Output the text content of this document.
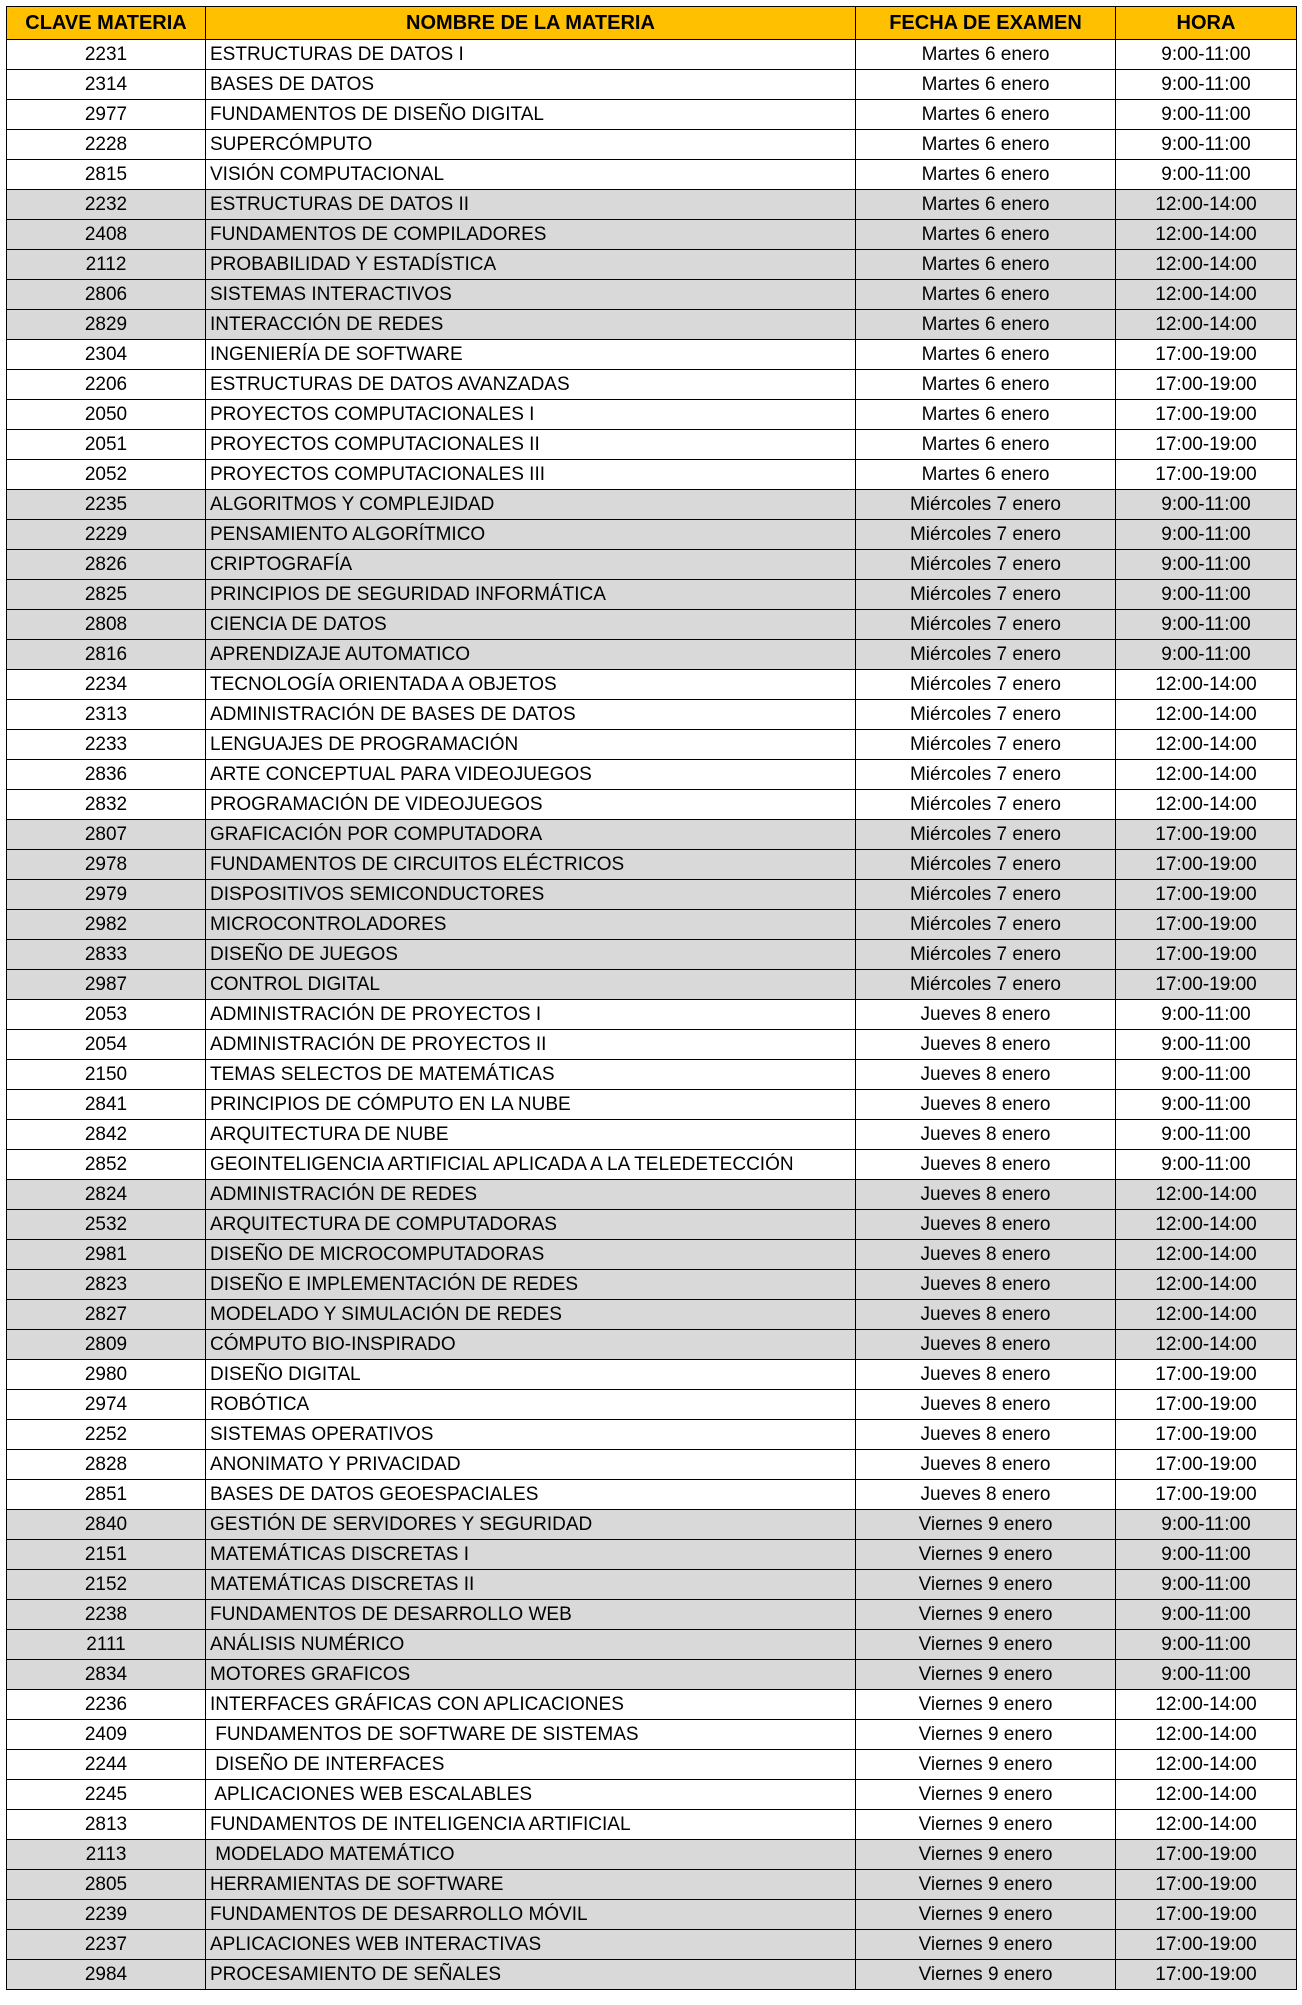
CLAVE MATERIA	NOMBRE DE LA MATERIA	FECHA DE EXAMEN	HORA
2231	ESTRUCTURAS DE DATOS I	Martes 6 enero	9:00-11:00
2314	BASES DE DATOS	Martes 6 enero	9:00-11:00
2977	FUNDAMENTOS DE DISEÑO DIGITAL	Martes 6 enero	9:00-11:00
2228	SUPERCÓMPUTO	Martes 6 enero	9:00-11:00
2815	VISIÓN COMPUTACIONAL	Martes 6 enero	9:00-11:00
2232	ESTRUCTURAS DE DATOS II	Martes 6 enero	12:00-14:00
2408	FUNDAMENTOS DE COMPILADORES	Martes 6 enero	12:00-14:00
2112	PROBABILIDAD Y ESTADÍSTICA	Martes 6 enero	12:00-14:00
2806	SISTEMAS INTERACTIVOS	Martes 6 enero	12:00-14:00
2829	INTERACCIÓN DE REDES	Martes 6 enero	12:00-14:00
2304	INGENIERÍA DE SOFTWARE	Martes 6 enero	17:00-19:00
2206	ESTRUCTURAS DE DATOS AVANZADAS	Martes 6 enero	17:00-19:00
2050	PROYECTOS COMPUTACIONALES I	Martes 6 enero	17:00-19:00
2051	PROYECTOS COMPUTACIONALES II	Martes 6 enero	17:00-19:00
2052	PROYECTOS COMPUTACIONALES III	Martes 6 enero	17:00-19:00
2235	ALGORITMOS Y COMPLEJIDAD	Miércoles 7 enero	9:00-11:00
2229	PENSAMIENTO ALGORÍTMICO	Miércoles 7 enero	9:00-11:00
2826	CRIPTOGRAFÍA	Miércoles 7 enero	9:00-11:00
2825	PRINCIPIOS DE SEGURIDAD INFORMÁTICA	Miércoles 7 enero	9:00-11:00
2808	CIENCIA DE DATOS	Miércoles 7 enero	9:00-11:00
2816	APRENDIZAJE AUTOMATICO	Miércoles 7 enero	9:00-11:00
2234	TECNOLOGÍA ORIENTADA A OBJETOS	Miércoles 7 enero	12:00-14:00
2313	ADMINISTRACIÓN DE BASES DE DATOS	Miércoles 7 enero	12:00-14:00
2233	LENGUAJES DE PROGRAMACIÓN	Miércoles 7 enero	12:00-14:00
2836	ARTE CONCEPTUAL PARA VIDEOJUEGOS	Miércoles 7 enero	12:00-14:00
2832	PROGRAMACIÓN DE VIDEOJUEGOS	Miércoles 7 enero	12:00-14:00
2807	GRAFICACIÓN POR COMPUTADORA	Miércoles 7 enero	17:00-19:00
2978	FUNDAMENTOS DE CIRCUITOS ELÉCTRICOS	Miércoles 7 enero	17:00-19:00
2979	DISPOSITIVOS SEMICONDUCTORES	Miércoles 7 enero	17:00-19:00
2982	MICROCONTROLADORES	Miércoles 7 enero	17:00-19:00
2833	DISEÑO DE JUEGOS	Miércoles 7 enero	17:00-19:00
2987	CONTROL DIGITAL	Miércoles 7 enero	17:00-19:00
2053	ADMINISTRACIÓN DE PROYECTOS I	Jueves 8 enero	9:00-11:00
2054	ADMINISTRACIÓN DE PROYECTOS II	Jueves 8 enero	9:00-11:00
2150	TEMAS SELECTOS DE MATEMÁTICAS	Jueves 8 enero	9:00-11:00
2841	PRINCIPIOS DE CÓMPUTO EN LA NUBE	Jueves 8 enero	9:00-11:00
2842	ARQUITECTURA DE NUBE	Jueves 8 enero	9:00-11:00
2852	GEOINTELIGENCIA ARTIFICIAL APLICADA A LA TELEDETECCIÓN	Jueves 8 enero	9:00-11:00
2824	ADMINISTRACIÓN DE REDES	Jueves 8 enero	12:00-14:00
2532	ARQUITECTURA DE COMPUTADORAS	Jueves 8 enero	12:00-14:00
2981	DISEÑO DE MICROCOMPUTADORAS	Jueves 8 enero	12:00-14:00
2823	DISEÑO E IMPLEMENTACIÓN DE REDES	Jueves 8 enero	12:00-14:00
2827	MODELADO Y SIMULACIÓN DE REDES	Jueves 8 enero	12:00-14:00
2809	CÓMPUTO BIO-INSPIRADO	Jueves 8 enero	12:00-14:00
2980	DISEÑO DIGITAL	Jueves 8 enero	17:00-19:00
2974	ROBÓTICA	Jueves 8 enero	17:00-19:00
2252	SISTEMAS OPERATIVOS	Jueves 8 enero	17:00-19:00
2828	ANONIMATO Y PRIVACIDAD	Jueves 8 enero	17:00-19:00
2851	BASES DE DATOS GEOESPACIALES	Jueves 8 enero	17:00-19:00
2840	GESTIÓN DE SERVIDORES Y SEGURIDAD	Viernes 9 enero	9:00-11:00
2151	MATEMÁTICAS DISCRETAS I	Viernes 9 enero	9:00-11:00
2152	MATEMÁTICAS DISCRETAS II	Viernes 9 enero	9:00-11:00
2238	FUNDAMENTOS DE DESARROLLO WEB	Viernes 9 enero	9:00-11:00
2111	ANÁLISIS NUMÉRICO	Viernes 9 enero	9:00-11:00
2834	MOTORES GRAFICOS	Viernes 9 enero	9:00-11:00
2236	INTERFACES GRÁFICAS CON APLICACIONES	Viernes 9 enero	12:00-14:00
2409	FUNDAMENTOS DE SOFTWARE DE SISTEMAS	Viernes 9 enero	12:00-14:00
2244	DISEÑO DE INTERFACES	Viernes 9 enero	12:00-14:00
2245	APLICACIONES WEB ESCALABLES	Viernes 9 enero	12:00-14:00
2813	FUNDAMENTOS DE INTELIGENCIA ARTIFICIAL	Viernes 9 enero	12:00-14:00
2113	MODELADO MATEMÁTICO	Viernes 9 enero	17:00-19:00
2805	HERRAMIENTAS DE SOFTWARE	Viernes 9 enero	17:00-19:00
2239	FUNDAMENTOS DE DESARROLLO MÓVIL	Viernes 9 enero	17:00-19:00
2237	APLICACIONES WEB INTERACTIVAS	Viernes 9 enero	17:00-19:00
2984	PROCESAMIENTO DE SEÑALES	Viernes 9 enero	17:00-19:00
